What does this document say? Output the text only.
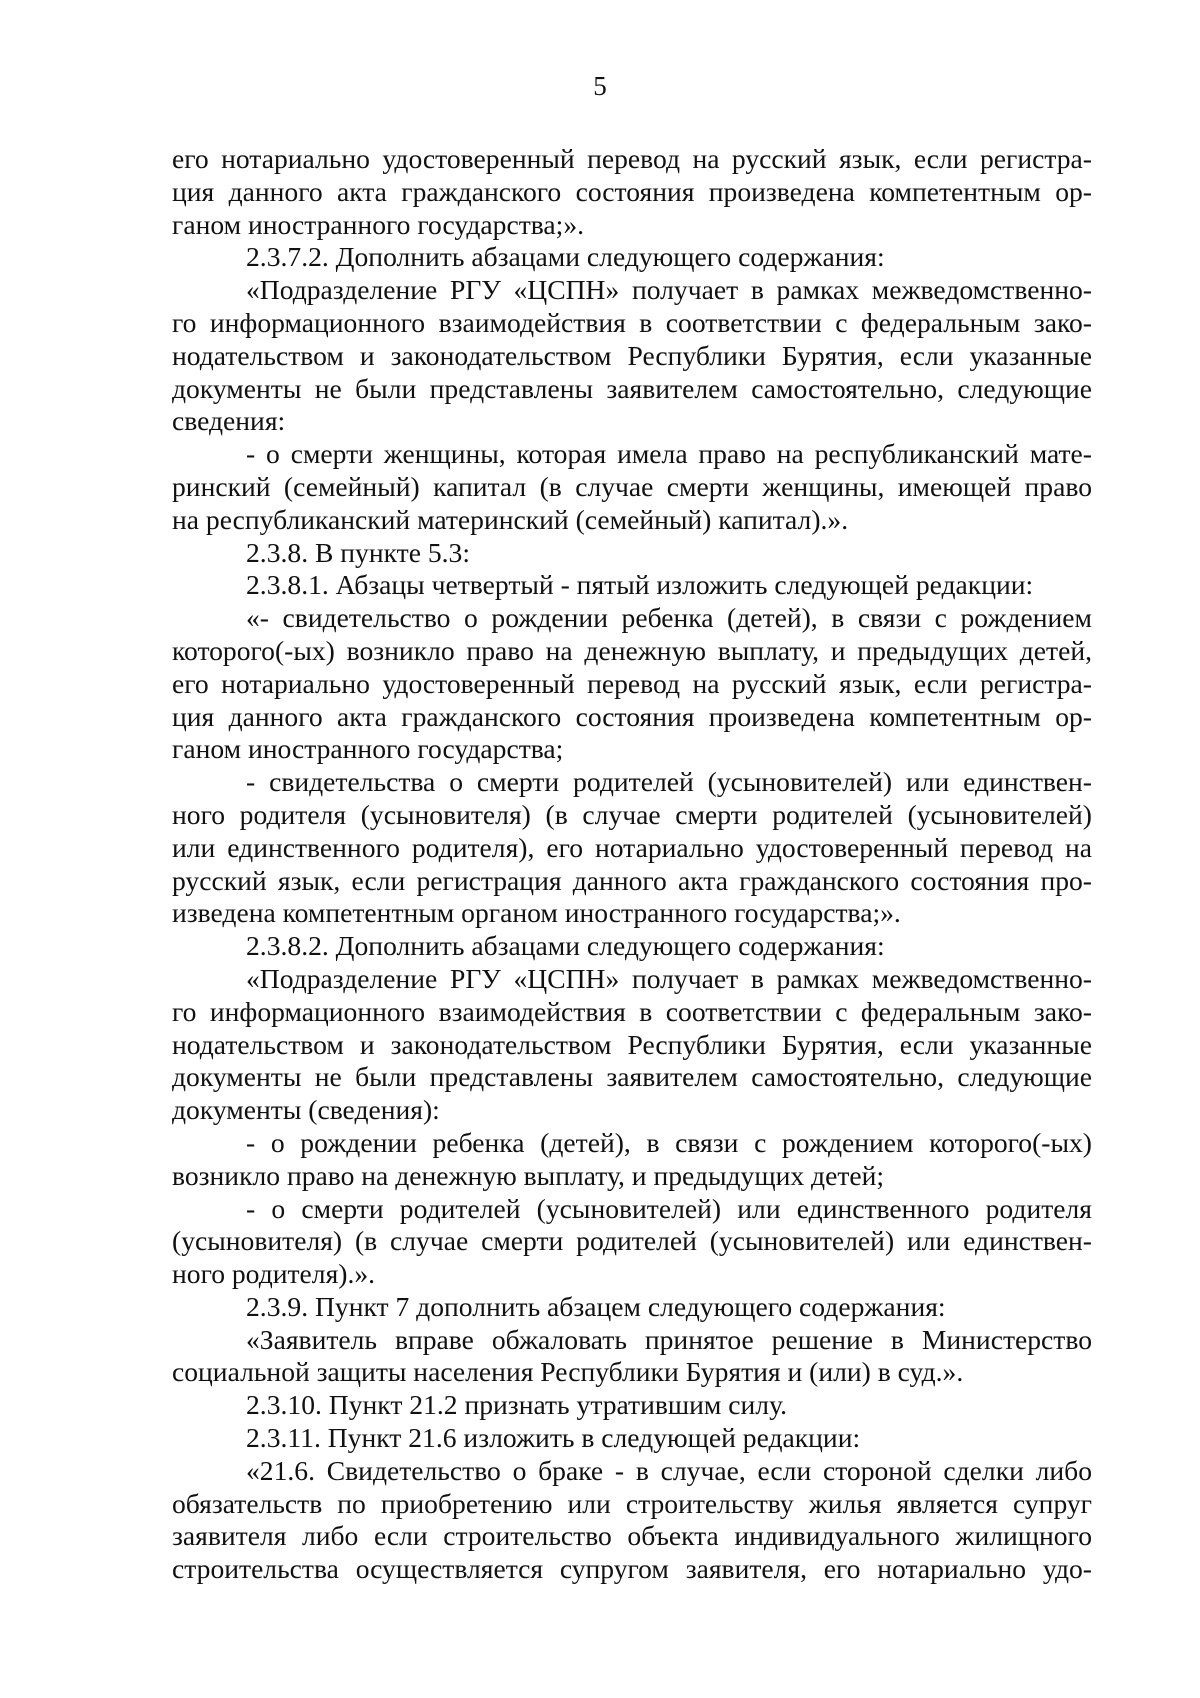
5
его нотариально удостоверенный перевод на русский язык, если регистра-
ция данного акта гражданского состояния произведена компетентным ор-
ганом иностранного государства;».
2.3.7.2. Дополнить абзацами следующего содержания:
«Подразделение РГУ «ЦСПН» получает в рамках межведомственно-
го информационного взаимодействия в соответствии с федеральным зако-
нодательством и законодательством Республики Бурятия, если указанные
документы не были представлены заявителем самостоятельно, следующие
сведения:
- о смерти женщины, которая имела право на республиканский мате-
ринский (семейный) капитал (в случае смерти женщины, имеющей право
на республиканский материнский (семейный) капитал).».
2.3.8. В пункте 5.3:
2.3.8.1. Абзацы четвертый - пятый изложить следующей редакции:
«- свидетельство о рождении ребенка (детей), в связи с рождением
которого(-ых) возникло право на денежную выплату, и предыдущих детей,
его нотариально удостоверенный перевод на русский язык, если регистра-
ция данного акта гражданского состояния произведена компетентным ор-
ганом иностранного государства;
- свидетельства о смерти родителей (усыновителей) или единствен-
ного родителя (усыновителя) (в случае смерти родителей (усыновителей)
или единственного родителя), его нотариально удостоверенный перевод на
русский язык, если регистрация данного акта гражданского состояния про-
изведена компетентным органом иностранного государства;».
2.3.8.2. Дополнить абзацами следующего содержания:
«Подразделение РГУ «ЦСПН» получает в рамках межведомственно-
го информационного взаимодействия в соответствии с федеральным зако-
нодательством и законодательством Республики Бурятия, если указанные
документы не были представлены заявителем самостоятельно, следующие
документы (сведения):
- о рождении ребенка (детей), в связи с рождением которого(-ых)
возникло право на денежную выплату, и предыдущих детей;
- о смерти родителей (усыновителей) или единственного родителя
(усыновителя) (в случае смерти родителей (усыновителей) или единствен-
ного родителя).».
2.3.9. Пункт 7 дополнить абзацем следующего содержания:
«Заявитель вправе обжаловать принятое решение в Министерство
социальной защиты населения Республики Бурятия и (или) в суд.».
2.3.10. Пункт 21.2 признать утратившим силу.
2.3.11. Пункт 21.6 изложить в следующей редакции:
«21.6. Свидетельство о браке - в случае, если стороной сделки либо
обязательств по приобретению или строительству жилья является супруг
заявителя либо если строительство объекта индивидуального жилищного
строительства осуществляется супругом заявителя, его нотариально удо-
